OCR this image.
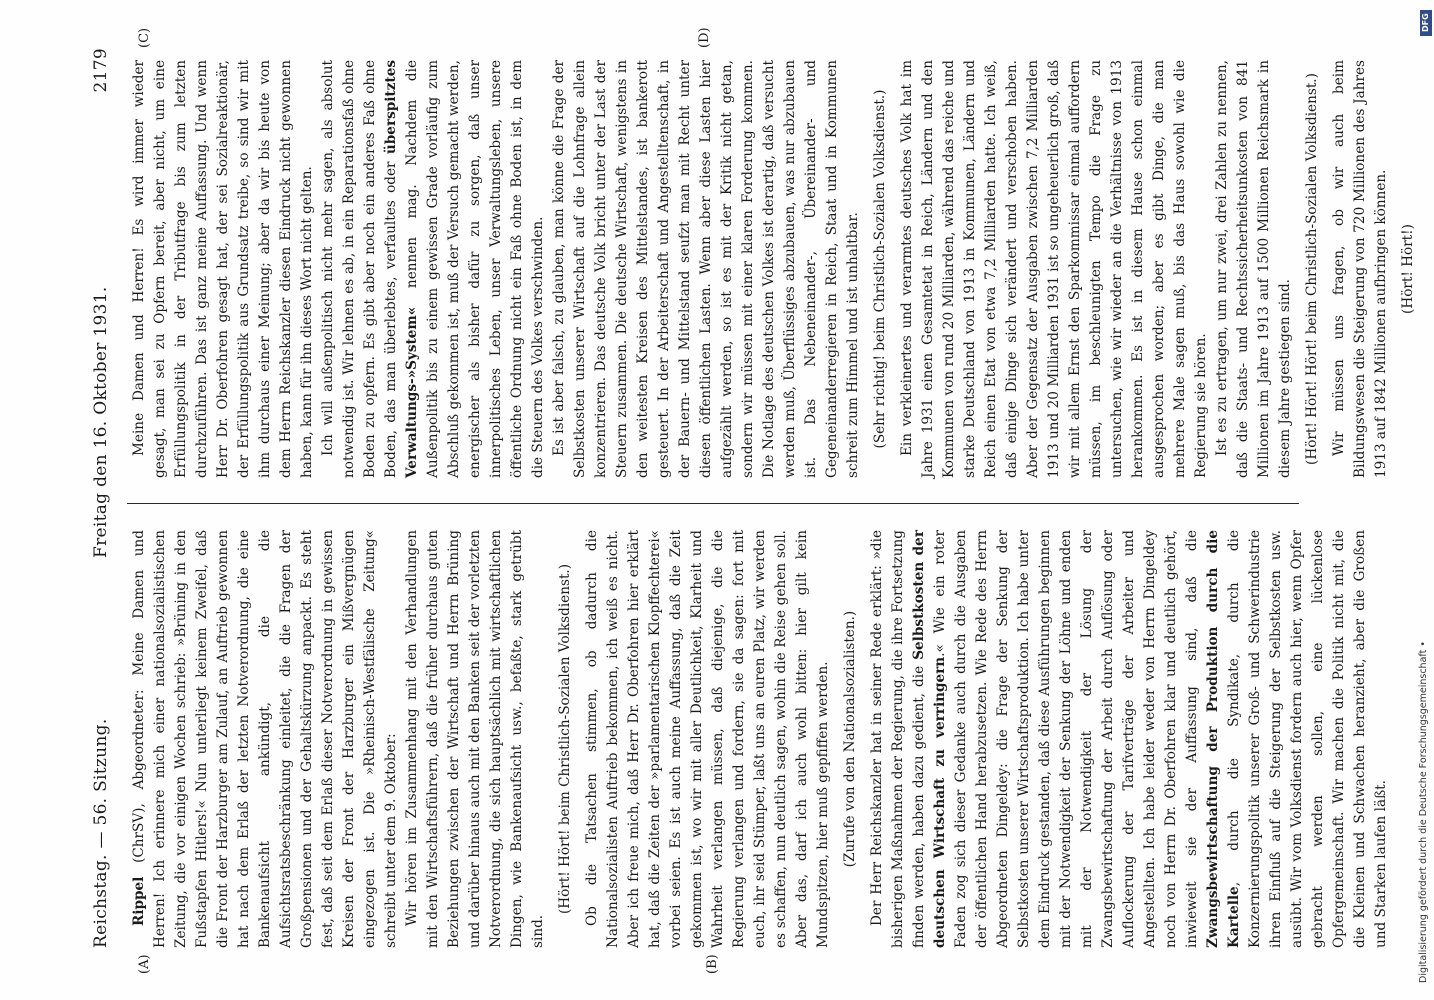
Reichstag. — 56. Sitzung.
Freitag den 16. Oktober 1931.
2179
(A)	(B)
(C)	(D)

Rippel (ChrSV), Abgeordneter: Meine Damen und Herren! Ich erinnere mich einer nationalsozialistischen Zeitung, die vor einigen Wochen schrieb: »Brüning in den Fußstapfen Hitlers!« Nun unterliegt keinem Zweifel, daß die Front der Harzburger am Zulauf, an Auftrieb gewonnen hat nach dem Erlaß der letzten Notverordnung, die eine Bankenaufsicht ankündigt, die die Aufsichtsratsbeschränkung einleitet, die die Fragen der Großpensionen und der Gehaltskürzung anpackt. Es steht fest, daß seit dem Erlaß dieser Notverordnung in gewissen Kreisen der Front der Harzburger ein Mißvergnügen eingezogen ist. Die »Rheinisch-Westfälische Zeitung« schreibt unter dem 9. Oktober: Wir hören im Zusammenhang mit den Verhandlungen mit den Wirtschaftsführern, daß die früher durchaus guten Beziehungen zwischen der Wirtschaft und Herrn Brüning und darüber hinaus auch mit den Banken seit der vorletzten Notverordnung, die sich hauptsächlich mit wirtschaftlichen Dingen, wie Bankenaufsicht usw., befaßte, stark getrübt sind.

(Hört! Hört! beim Christlich-Sozialen Volksdienst.) Ob die Tatsachen stimmen, ob dadurch die Nationalsozialisten Auftrieb bekommen, ich weiß es nicht. Aber ich freue mich, daß Herr Dr. Oberfohren hier erklärt hat, daß die Zeiten der »parlamentarischen Klopffechterei« vorbei seien. Es ist auch meine Auffassung, daß die Zeit gekommen ist, wo wir mit aller Deutlichkeit, Klarheit und Wahrheit verlangen müssen, daß diejenige, die die Regierung verlangen und fordern, sie da sagen: fort mit euch, ihr seid Stümper, laßt uns an euren Platz, wir werden es schaffen, nun deutlich sagen, wohin die Reise gehen soll. Aber das, darf ich auch wohl bitten: hier gilt kein Mundspitzen, hier muß gepfiffen werden. (Zurufe von den Nationalsozialisten.) Der Herr Reichskanzler hat in seiner Rede erklärt: »die bisherigen Maßnahmen der Regierung, die ihre Fortsetzung finden werden, haben dazu gedient, die Selbstkosten der deutschen Wirtschaft zu verringern.« Wie ein roter Faden zog sich dieser Gedanke auch durch die Ausgaben der öffentlichen Hand herabzusetzen. Wie Rede des Herrn Abgeordneten Dingeldey: die Frage der Senkung der Selbstkosten unserer Wirtschaftsproduktion. Ich habe unter dem Eindruck gestanden, daß diese Ausführungen beginnen mit der Notwendigkeit der Senkung der Löhne und enden mit der Notwendigkeit der Lösung der Zwangsbewirtschaftung der Arbeit durch Auflösung oder Auflockerung der Tarifverträge der Arbeiter und Angestellten. Ich habe leider weder von Herrn Dingeldey noch von Herrn Dr. Oberfohren klar und deutlich gehört, inwieweit sie der Auffassung sind, daß die Zwangsbewirtschaftung der Produktion durch die Kartelle, durch die Syndikate, durch die Konzernierungspolitik unserer Groß- und Schwerindustrie ihren Einfluß auf die Steigerung der Selbstkosten usw. ausübt. Wir vom Volksdienst fordern auch hier, wenn Opfer gebracht werden sollen, eine lückenlose Opfergemeinschaft. Wir machen die Politik nicht mit, die die Kleinen und Schwachen heranzieht, aber die Großen und Starken laufen läßt.

Meine Damen und Herren! Es wird immer wieder gesagt, man sei zu Opfern bereit, aber nicht, um eine Erfüllungspolitik in der Tributfrage bis zum letzten durchzuführen. Das ist ganz meine Auffassung. Und wenn Herr Dr. Oberfohren gesagt hat, der sei Sozialreaktionär, der Erfüllungspolitik aus Grundsatz treibe, so sind wir mit ihm durchaus einer Meinung; aber da wir bis heute von dem Herrn Reichskanzler diesen Eindruck nicht gewonnen haben, kann für ihn dieses Wort nicht gelten. Ich will außenpolitisch nicht mehr sagen, als absolut notwendig ist. Wir lehnen es ab, in ein Reparationsfaß ohne Boden zu opfern. Es gibt aber noch ein anderes Faß ohne Boden, das man überlebtes, verfaultes oder überspitztes Verwaltungs-»System« nennen mag. Nachdem die Außenpolitik bis zu einem gewissen Grade vorläufig zum Abschluß gekommen ist, muß der Versuch gemacht werden, energischer als bisher dafür zu sorgen, daß unser innerpolitisches Leben, unser Verwaltungsleben, unsere öffentliche Ordnung nicht ein Faß ohne Boden ist, in dem die Steuern des Volkes verschwinden. Es ist aber falsch, zu glauben, man könne die Frage der Selbstkosten unserer Wirtschaft auf die Lohnfrage allein konzentrieren. Das deutsche Volk bricht unter der Last der Steuern zusammen. Die deutsche Wirtschaft, wenigstens in den weitesten Kreisen des Mittelstandes, ist bankerott gesteuert. In der Arbeiterschaft und Angestelltenschaft, in der Bauern- und Mittelstand seufzt man mit Recht unter diesen öffentlichen Lasten. Wenn aber diese Lasten hier aufgezählt werden, so ist es mit der Kritik nicht getan, sondern wir müssen mit einer klaren Forderung kommen. Die Notlage des deutschen Volkes ist derartig, daß versucht werden muß, Überflüssiges abzubauen, was nur abzubauen ist. Das Nebeneinander-, Übereinander- und Gegeneinanderregieren in Reich, Staat und in Kommunen schreit zum Himmel und ist unhaltbar. (Sehr richtig! beim Christlich-Sozialen Volksdienst.) Ein verkleinertes und verarmtes deutsches Volk hat im Jahre 1931 einen Gesamtetat in Reich, Ländern und den Kommunen von rund 20 Milliarden, während das reiche und starke Deutschland von 1913 in Kommunen, Ländern und Reich einen Etat von etwa 7,2 Milliarden hatte. Ich weiß, daß einige Dinge sich verändert und verschoben haben. Aber der Gegensatz der Ausgaben zwischen 7,2 Milliarden 1913 und 20 Milliarden 1931 ist so ungeheuerlich groß, daß wir mit allem Ernst den Sparkommissar einmal auffordern müssen, im beschleunigten Tempo die Frage zu untersuchen, wie wir wieder an die Verhältnisse von 1913 herankommen. Es ist in diesem Hause schon einmal ausgesprochen worden; aber es gibt Dinge, die man mehrere Male sagen muß, bis das Haus sowohl wie die Regierung sie hören. Ist es zu ertragen, um nur zwei, drei Zahlen zu nennen, daß die Staats- und Rechtssicherheitsunkosten von 841 Millionen im Jahre 1913 auf 1500 Millionen Reichsmark in diesem Jahre gestiegen sind. (Hört! Hört! Hört! beim Christlich-Sozialen Volksdienst.) Wir müssen uns fragen, ob wir auch beim Bildungswesen die Steigerung von 720 Millionen des Jahres 1913 auf 1842 Millionen aufbringen können. (Hört! Hört!)

DFG
Digitalisierung gefördert durch die Deutsche Forschungsgemeinschaft •
